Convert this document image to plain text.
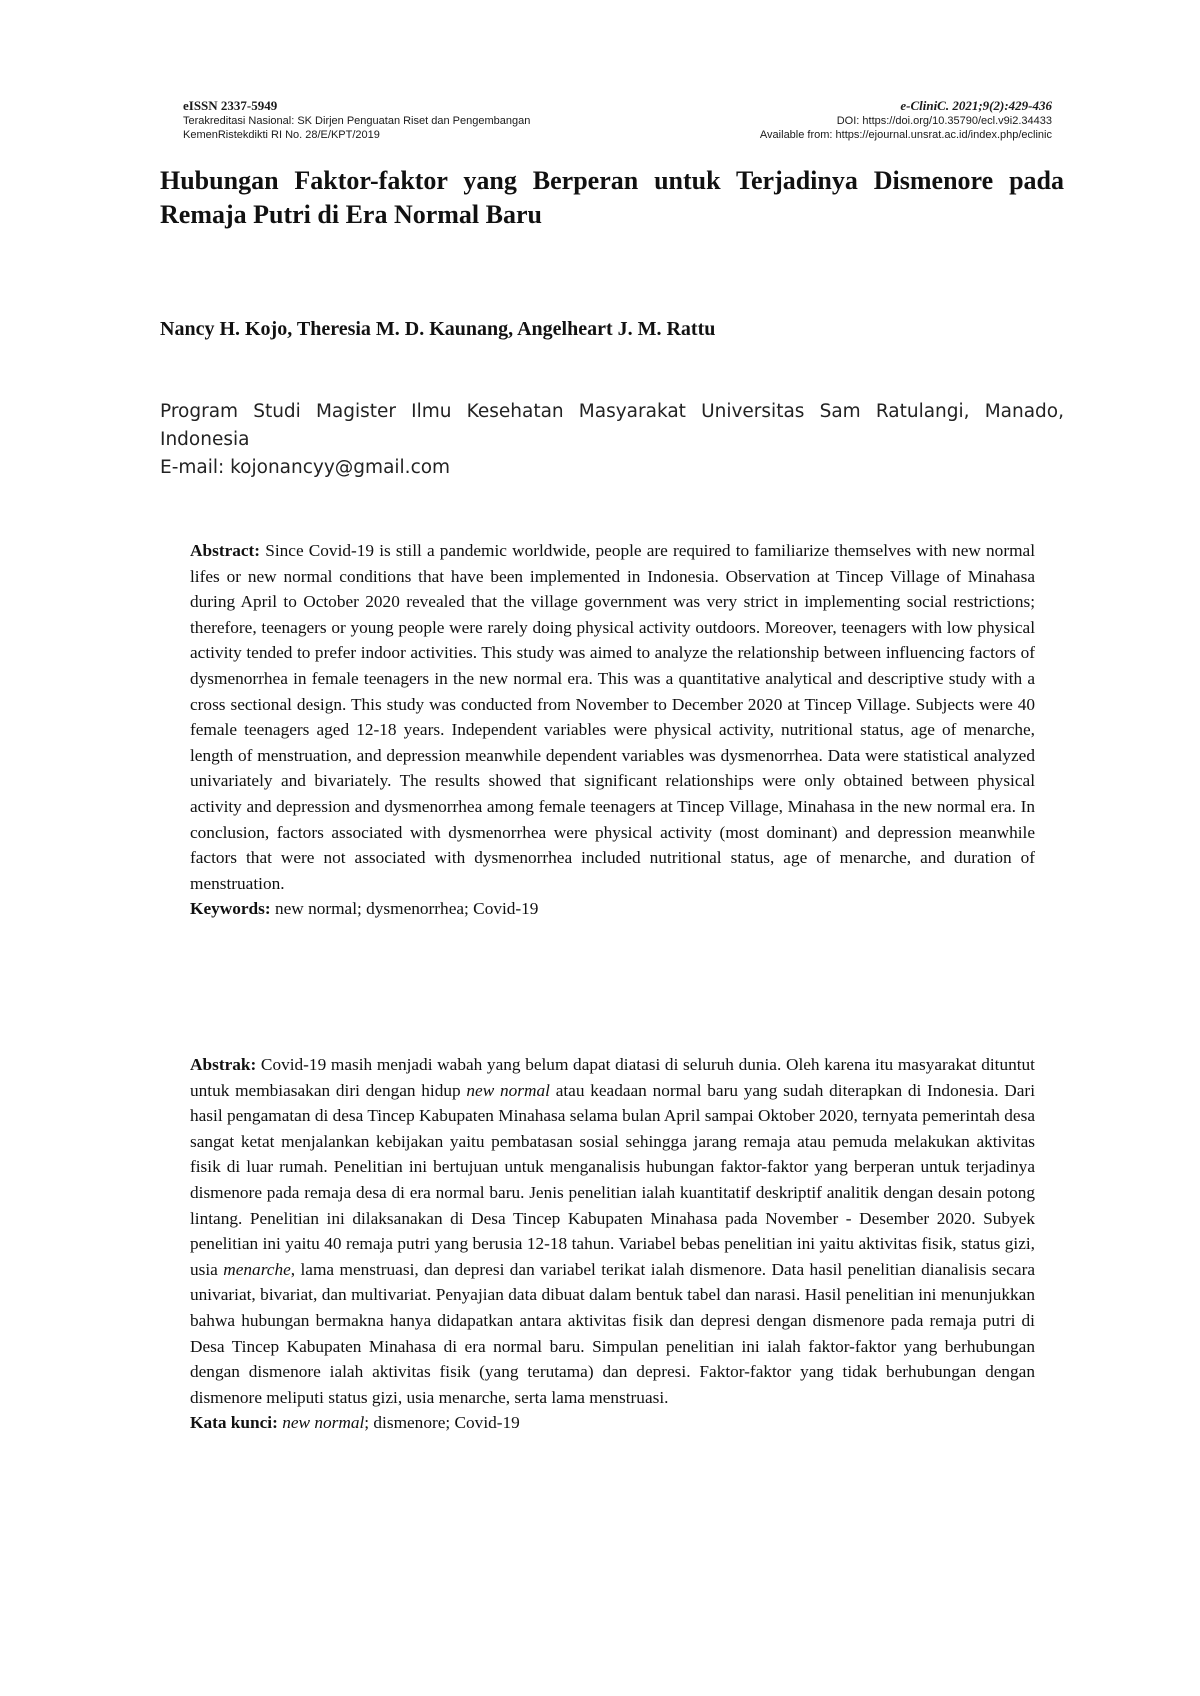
eISSN 2337-5949
Terakreditasi Nasional: SK Dirjen Penguatan Riset dan Pengembangan
KemenRistekdikti RI No. 28/E/KPT/2019
e-CliniC. 2021;9(2):429-436
DOI: https://doi.org/10.35790/ecl.v9i2.34433
Available from: https://ejournal.unsrat.ac.id/index.php/eclinic
Hubungan Faktor-faktor yang Berperan untuk Terjadinya Dismenore pada Remaja Putri di Era Normal Baru

Nancy H. Kojo, Theresia M. D. Kaunang, Angelheart J. M. Rattu

Program Studi Magister Ilmu Kesehatan Masyarakat Universitas Sam Ratulangi, Manado, Indonesia

E-mail: kojonancyy@gmail.com

Abstract: Since Covid-19 is still a pandemic worldwide, people are required to familiarize themselves with new normal lifes or new normal conditions that have been implemented in Indonesia. Observation at Tincep Village of Minahasa during April to October 2020 revealed that the village government was very strict in implementing social restrictions; therefore, teenagers or young people were rarely doing physical activity outdoors. Moreover, teenagers with low physical activity tended to prefer indoor activities. This study was aimed to analyze the relationship between influencing factors of dysmenorrhea in female teenagers in the new normal era. This was a quantitative analytical and descriptive study with a cross sectional design. This study was conducted from November to December 2020 at Tincep Village. Subjects were 40 female teenagers aged 12-18 years. Independent variables were physical activity, nutritional status, age of menarche, length of menstruation, and depression meanwhile dependent variables was dysmenorrhea. Data were statistical analyzed univariately and bivariately. The results showed that significant relationships were only obtained between physical activity and depression and dysmenorrhea among female teenagers at Tincep Village, Minahasa in the new normal era. In conclusion, factors associated with dysmenorrhea were physical activity (most dominant) and depression meanwhile factors that were not associated with dysmenorrhea included nutritional status, age of menarche, and duration of menstruation.

Keywords: new normal; dysmenorrhea; Covid-19

Abstrak: Covid-19 masih menjadi wabah yang belum dapat diatasi di seluruh dunia. Oleh karena itu masyarakat dituntut untuk membiasakan diri dengan hidup new normal atau keadaan normal baru yang sudah diterapkan di Indonesia. Dari hasil pengamatan di desa Tincep Kabupaten Minahasa selama bulan April sampai Oktober 2020, ternyata pemerintah desa sangat ketat menjalankan kebijakan yaitu pembatasan sosial sehingga jarang remaja atau pemuda melakukan aktivitas fisik di luar rumah. Penelitian ini bertujuan untuk menganalisis hubungan faktor-faktor yang berperan untuk terjadinya dismenore pada remaja desa di era normal baru. Jenis penelitian ialah kuantitatif deskriptif analitik dengan desain potong lintang. Penelitian ini dilaksanakan di Desa Tincep Kabupaten Minahasa pada November - Desember 2020. Subyek penelitian ini yaitu 40 remaja putri yang berusia 12-18 tahun. Variabel bebas penelitian ini yaitu aktivitas fisik, status gizi, usia menarche, lama menstruasi, dan depresi dan variabel terikat ialah dismenore. Data hasil penelitian dianalisis secara univariat, bivariat, dan multivariat. Penyajian data dibuat dalam bentuk tabel dan narasi. Hasil penelitian ini menunjukkan bahwa hubungan bermakna hanya didapatkan antara aktivitas fisik dan depresi dengan dismenore pada remaja putri di Desa Tincep Kabupaten Minahasa di era normal baru. Simpulan penelitian ini ialah faktor-faktor yang berhubungan dengan dismenore ialah aktivitas fisik (yang terutama) dan depresi. Faktor-faktor yang tidak berhubungan dengan dismenore meliputi status gizi, usia menarche, serta lama menstruasi.

Kata kunci: new normal; dismenore; Covid-19
